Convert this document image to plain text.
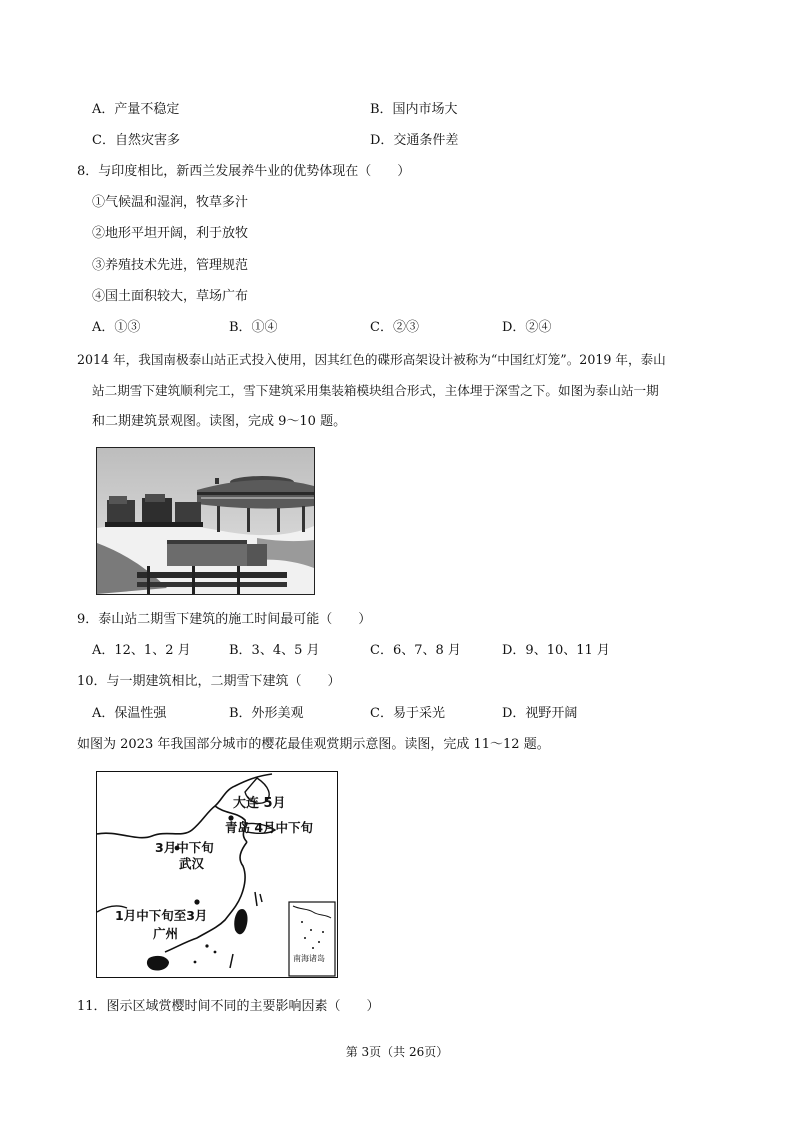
A．产量不稳定	B．国内市场大
C．自然灾害多	D．交通条件差
8．与印度相比，新西兰发展养牛业的优势体现在（　　）
①气候温和湿润，牧草多汁
②地形平坦开阔，利于放牧
③养殖技术先进，管理规范
④国土面积较大，草场广布
A．①③	B．①④	C．②③	D．②④
2014 年，我国南极泰山站正式投入使用，因其红色的碟形高架设计被称为“中国红灯笼”。2019 年，泰山
站二期雪下建筑顺利完工，雪下建筑采用集装箱模块组合形式，主体埋于深雪之下。如图为泰山站一期
和二期建筑景观图。读图，完成 9～10 题。
9．泰山站二期雪下建筑的施工时间最可能（　　）
A．12、1、2 月	B．3、4、5 月	C．6、7、8 月	D．9、10、11 月
10．与一期建筑相比，二期雪下建筑（　　）
A．保温性强	B．外形美观	C．易于采光	D．视野开阔
如图为 2023 年我国部分城市的樱花最佳观赏期示意图。读图，完成 11～12 题。
大连 5月
青岛 4月中下旬
3月中下旬
武汉
1月中下旬至3月
广州
南海诸岛
11．图示区域赏樱时间不同的主要影响因素（　　）
第 3页（共 26页）
